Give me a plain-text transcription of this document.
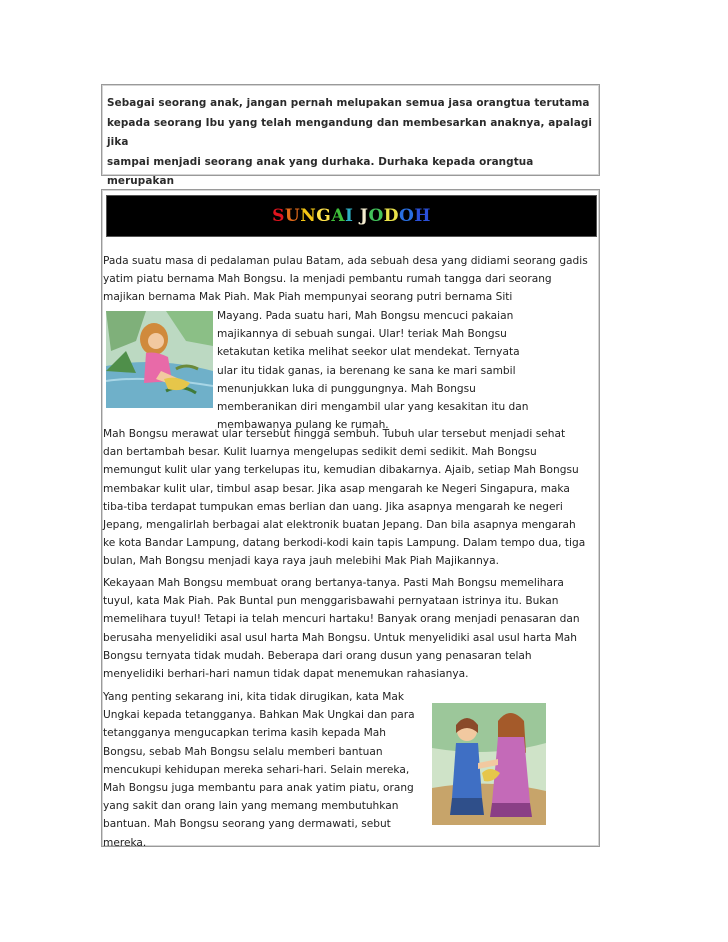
Sebagai seorang anak, jangan pernah melupakan semua jasa orangtua terutama
kepada seorang Ibu yang telah mengandung dan membesarkan anaknya, apalagi jika
sampai menjadi seorang anak yang durhaka. Durhaka kepada orangtua merupakan
SUNGAI JODOH
Pada suatu masa di pedalaman pulau Batam, ada sebuah desa yang didiami seorang gadis
yatim piatu bernama Mah Bongsu. Ia menjadi pembantu rumah tangga dari seorang
majikan bernama Mak Piah. Mak Piah mempunyai seorang putri bernama Siti
Mayang. Pada suatu hari, Mah Bongsu mencuci pakaian
majikannya di sebuah sungai. Ular! teriak Mah Bongsu
ketakutan ketika melihat seekor ulat mendekat. Ternyata
ular itu tidak ganas, ia berenang ke sana ke mari sambil
menunjukkan luka di punggungnya. Mah Bongsu
memberanikan diri mengambil ular yang kesakitan itu dan
membawanya pulang ke rumah.
Mah Bongsu merawat ular tersebut hingga sembuh. Tubuh ular tersebut menjadi sehat
dan bertambah besar. Kulit luarnya mengelupas sedikit demi sedikit. Mah Bongsu
memungut kulit ular yang terkelupas itu, kemudian dibakarnya. Ajaib, setiap Mah Bongsu
membakar kulit ular, timbul asap besar. Jika asap mengarah ke Negeri Singapura, maka
tiba-tiba terdapat tumpukan emas berlian dan uang. Jika asapnya mengarah ke negeri
Jepang, mengalirlah berbagai alat elektronik buatan Jepang. Dan bila asapnya mengarah
ke kota Bandar Lampung, datang berkodi-kodi kain tapis Lampung. Dalam tempo dua, tiga
bulan, Mah Bongsu menjadi kaya raya jauh melebihi Mak Piah Majikannya.
Kekayaan Mah Bongsu membuat orang bertanya-tanya. Pasti Mah Bongsu memelihara
tuyul, kata Mak Piah. Pak Buntal pun menggarisbawahi pernyataan istrinya itu. Bukan
memelihara tuyul! Tetapi ia telah mencuri hartaku! Banyak orang menjadi penasaran dan
berusaha menyelidiki asal usul harta Mah Bongsu. Untuk menyelidiki asal usul harta Mah
Bongsu ternyata tidak mudah. Beberapa dari orang dusun yang penasaran telah
menyelidiki berhari-hari namun tidak dapat menemukan rahasianya.
Yang penting sekarang ini, kita tidak dirugikan, kata Mak
Ungkai kepada tetangganya. Bahkan Mak Ungkai dan para
tetangganya mengucapkan terima kasih kepada Mah
Bongsu, sebab Mah Bongsu selalu memberi bantuan
mencukupi kehidupan mereka sehari-hari. Selain mereka,
Mah Bongsu juga membantu para anak yatim piatu, orang
yang sakit dan orang lain yang memang membutuhkan
bantuan. Mah Bongsu seorang yang dermawati, sebut
mereka.
